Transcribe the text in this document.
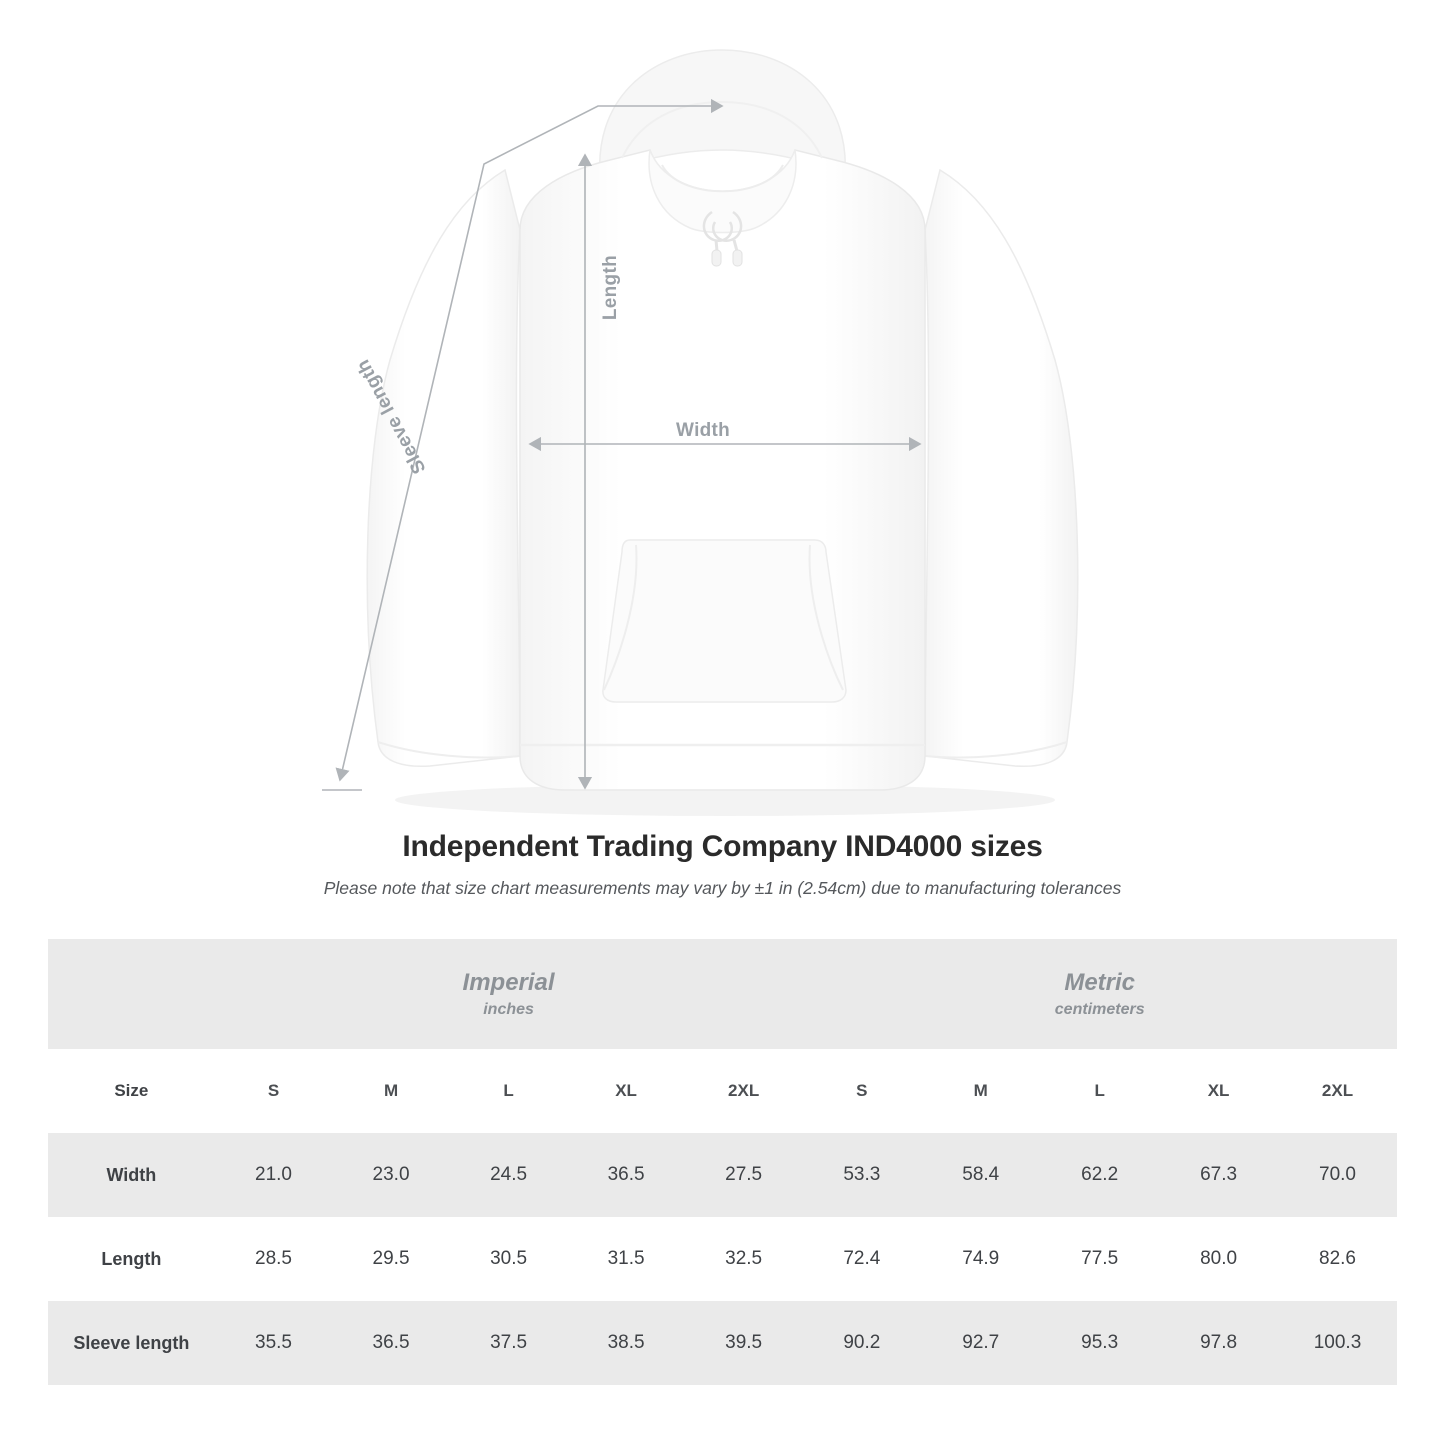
Width
Length
Sleeve length
Independent Trading Company IND4000 sizes

Please note that size chart measurements may vary by ±1 in (2.54cm) due to manufacturing tolerances

Imperial
inches

Metric
centimeters

Size	S	M	L	XL	2XL	S	M	L	XL	2XL
Width	21.0	23.0	24.5	36.5	27.5	53.3	58.4	62.2	67.3	70.0
Length	28.5	29.5	30.5	31.5	32.5	72.4	74.9	77.5	80.0	82.6
Sleeve length	35.5	36.5	37.5	38.5	39.5	90.2	92.7	95.3	97.8	100.3
